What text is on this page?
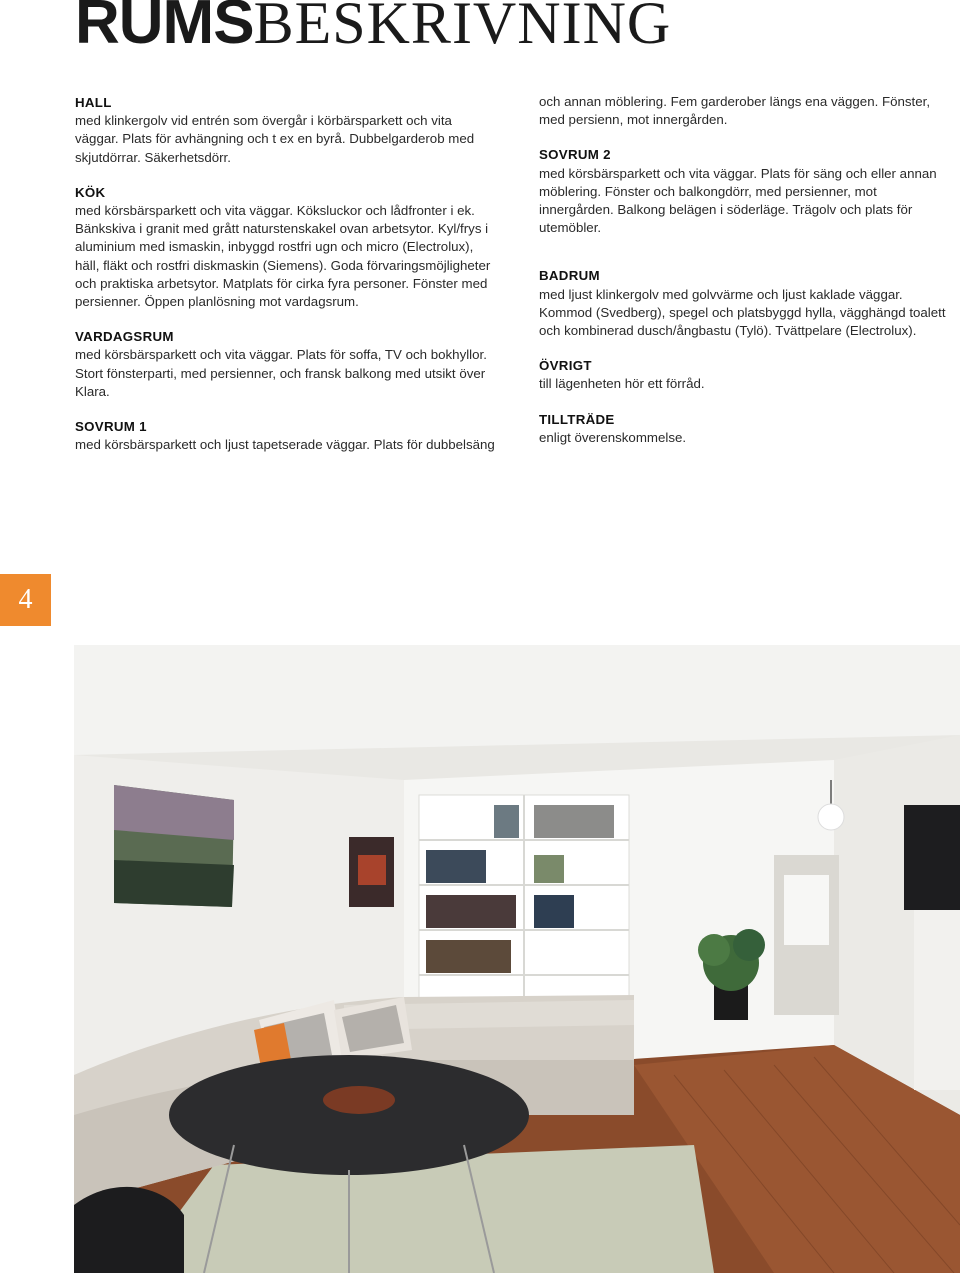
RUMSBESKRIVNING

HALL

med klinkergolv vid entrén som övergår i körbärsparkett och vita väggar. Plats för avhängning och t ex en byrå. Dubbelgarderob med skjutdörrar. Säkerhetsdörr.

KÖK

med körsbärsparkett och vita väggar. Köksluckor och lådfronter i ek. Bänkskiva i granit med grått naturstenskakel ovan arbetsytor. Kyl/frys i aluminium med ismaskin, inbyggd rostfri ugn och micro (Electrolux), häll, fläkt och rostfri diskmaskin (Siemens). Goda förvaringsmöjligheter och praktiska arbetsytor. Matplats för cirka fyra personer. Fönster med persienner. Öppen planlösning mot vardagsrum.

VARDAGSRUM

med körsbärsparkett och vita väggar. Plats för soffa, TV och bokhyllor. Stort fönsterparti, med persienner, och fransk balkong med utsikt över Klara.

SOVRUM 1

med körsbärsparkett och ljust tapetserade väggar. Plats för dubbelsäng

och annan möblering. Fem garderober längs ena väggen. Fönster, med persienn, mot innergården.

SOVRUM 2

med körsbärsparkett och vita väggar. Plats för säng och eller annan möblering. Fönster och balkongdörr, med persienner, mot innergården. Balkong belägen i söderläge. Trägolv och plats för utemöbler.

BADRUM

med ljust klinkergolv med golvvärme och ljust kaklade väggar. Kommod (Svedberg), spegel och platsbyggd hylla, vägghängd toalett och kombinerad dusch/ångbastu (Tylö). Tvättpelare (Electrolux).

ÖVRIGT

till lägenheten hör ett förråd.

TILLTRÄDE

enligt överenskommelse.

4
